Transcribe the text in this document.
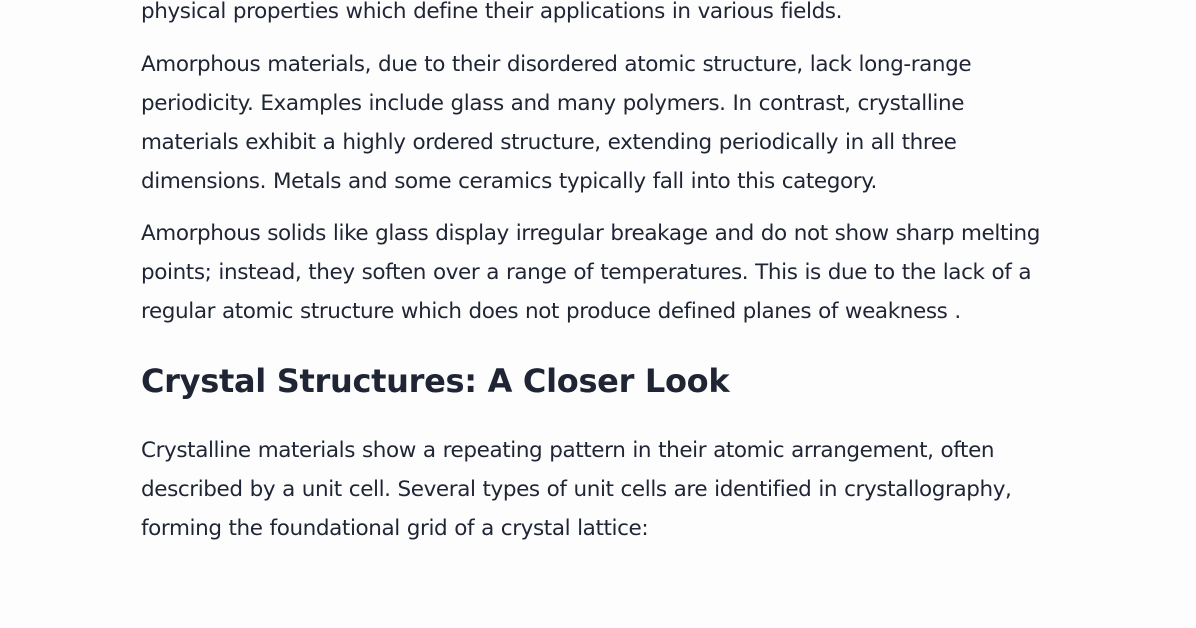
physical properties which define their applications in various fields.

Amorphous materials, due to their disordered atomic structure, lack long-range periodicity. Examples include glass and many polymers. In contrast, crystalline materials exhibit a highly ordered structure, extending periodically in all three dimensions. Metals and some ceramics typically fall into this category.

Amorphous solids like glass display irregular breakage and do not show sharp melting points; instead, they soften over a range of temperatures. This is due to the lack of a regular atomic structure which does not produce defined planes of weakness .

Crystal Structures: A Closer Look

Crystalline materials show a repeating pattern in their atomic arrangement, often described by a unit cell. Several types of unit cells are identified in crystallography, forming the foundational grid of a crystal lattice:
